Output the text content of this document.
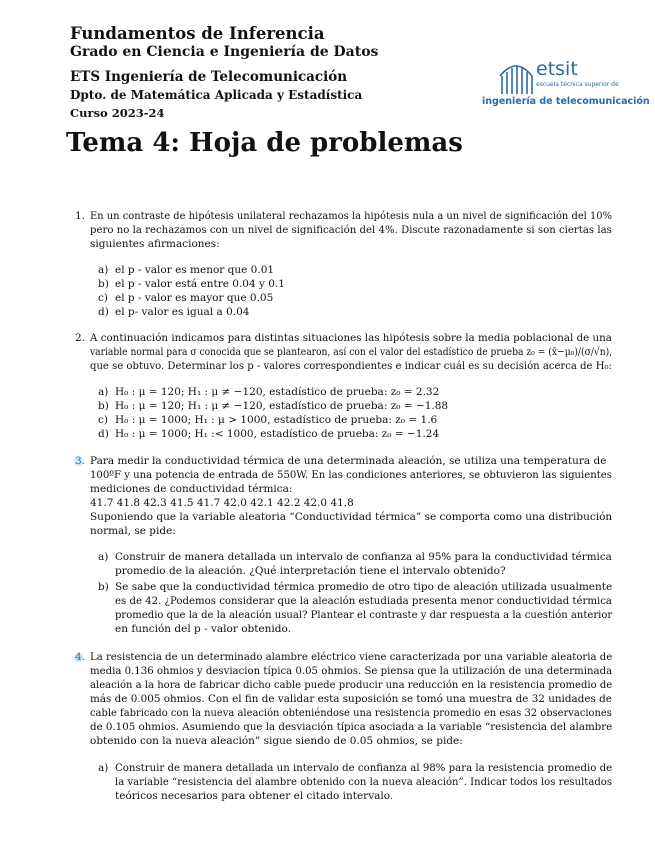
Fundamentos de Inferencia
Grado en Ciencia e Ingeniería de Datos
ETS Ingeniería de Telecomunicación
Dpto. de Matemática Aplicada y Estadística
Curso 2023-24
Tema 4: Hoja de problemas
etsit
escuela técnica superior de
ingeniería de telecomunicación
1. En un contraste de hipótesis unilateral rechazamos la hipótesis nula a un nivel de significación del 10%
pero no la rechazamos con un nivel de significación del 4%. Discute razonadamente si son ciertas las
siguientes afirmaciones:
a) el p - valor es menor que 0.01
b) el p - valor está entre 0.04 y 0.1
c) el p - valor es mayor que 0.05
d) el p- valor es igual a 0.04
2. A continuación indicamos para distintas situaciones las hipótesis sobre la media poblacional de una
variable normal para σ conocida que se plantearon, así con el valor del estadístico de prueba z₀ = (x̄−μ₀)/(σ/√n),
que se obtuvo. Determinar los p - valores correspondientes e indicar cuál es su decisión acerca de H₀:
a) H₀ : μ = 120; H₁ : μ ≠ −120, estadístico de prueba: z₀ = 2.32
b) H₀ : μ = 120; H₁ : μ ≠ −120, estadístico de prueba: z₀ = −1.88
c) H₀ : μ = 1000; H₁ : μ > 1000, estadístico de prueba: z₀ = 1.6
d) H₀ : μ = 1000; H₁ :< 1000, estadístico de prueba: z₀ = −1.24
3. Para medir la conductividad térmica de una determinada aleación, se utiliza una temperatura de
100ºF y una potencia de entrada de 550W. En las condiciones anteriores, se obtuvieron las siguientes
mediciones de conductividad térmica:
41.7 41.8 42.3 41.5 41.7 42.0 42.1 42.2 42.0 41.8
Suponiendo que la variable aleatoria “Conductividad térmica” se comporta como una distribución
normal, se pide:
a) Construir de manera detallada un intervalo de confianza al 95% para la conductividad térmica
promedio de la aleación. ¿Qué interpretación tiene el intervalo obtenido?
b) Se sabe que la conductividad térmica promedio de otro tipo de aleación utilizada usualmente
es de 42. ¿Podemos considerar que la aleación estudiada presenta menor conductividad térmica
promedio que la de la aleación usual? Plantear el contraste y dar respuesta a la cuestión anterior
en función del p - valor obtenido.
4. La resistencia de un determinado alambre eléctrico viene caracterizada por una variable aleatoria de
media 0.136 ohmios y desviacion típica 0.05 ohmios. Se piensa que la utilización de una determinada
aleación a la hora de fabricar dicho cable puede producir una reducción en la resistencia promedio de
más de 0.005 ohmios. Con el fin de validar esta suposición se tomó una muestra de 32 unidades de
cable fabricado con la nueva aleación obteniéndose una resistencia promedio en esas 32 observaciones
de 0.105 ohmios. Asumiendo que la desviación típica asociada a la variable “resistencia del alambre
obtenido con la nueva aleación” sigue siendo de 0.05 ohmios, se pide:
a) Construir de manera detallada un intervalo de confianza al 98% para la resistencia promedio de
la variable “resistencia del alambre obtenido con la nueva aleación”. Indicar todos los resultados
teóricos necesarios para obtener el citado intervalo.
